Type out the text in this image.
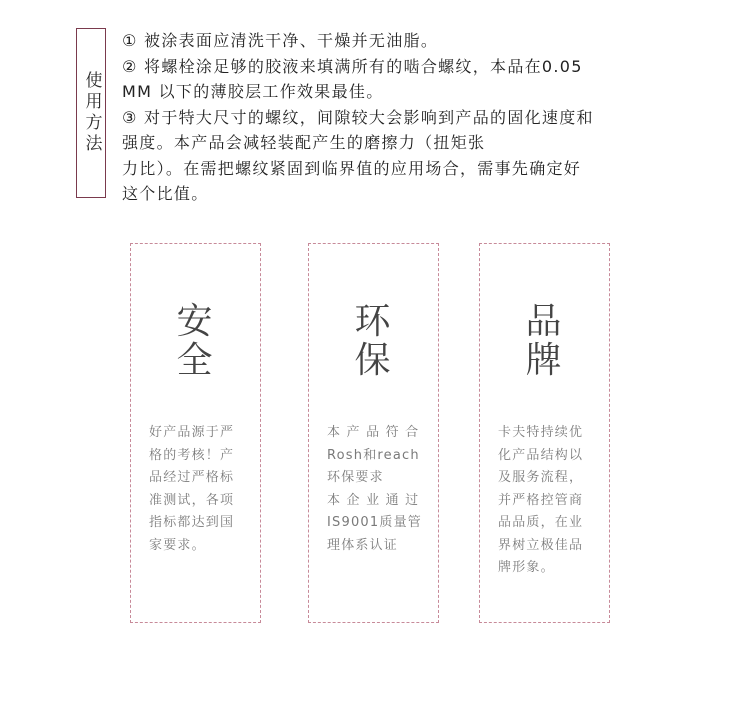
使用方法
① 被涂表面应清洗干净、干燥并无油脂。
② 将螺栓涂足够的胶液来填满所有的啮合螺纹，本品在0.05
MM 以下的薄胶层工作效果最佳。
③ 对于特大尺寸的螺纹，间隙较大会影响到产品的固化速度和
强度。本产品会减轻装配产生的磨擦力（扭矩张
力比）。在需把螺纹紧固到临界值的应用场合，需事先确定好
这个比值。
安
全
好产品源于严
格的考核！产
品经过严格标
准测试，各项
指标都达到国
家要求。
环
保
本 产 品 符 合
Rosh和reach
环保要求
本 企 业 通 过
IS9001质量管
理体系认证
品
牌
卡夫特持续优
化产品结构以
及服务流程，
并严格控管商
品品质，在业
界树立极佳品
牌形象。
